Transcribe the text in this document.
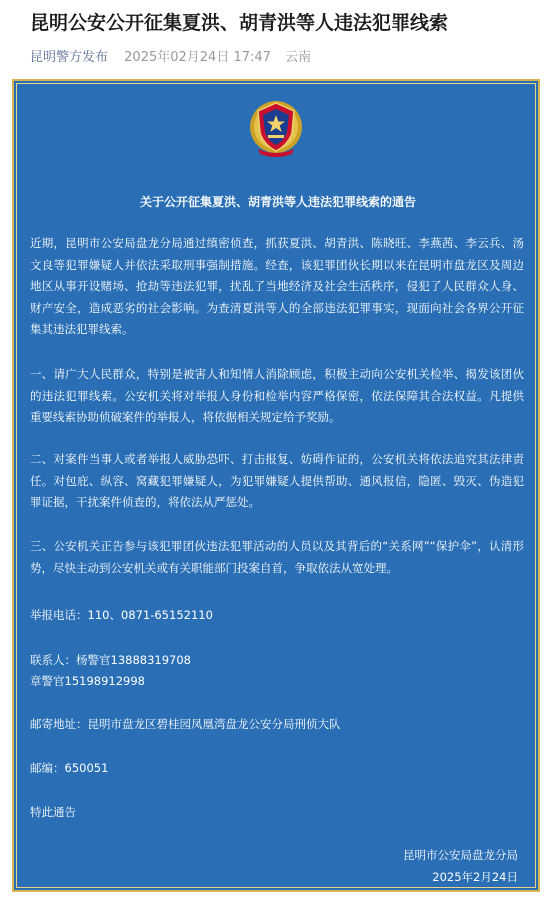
昆明公安公开征集夏洪、胡青洪等人违法犯罪线索
昆明警方发布 2025年02月24日 17:47 云南
关于公开征集夏洪、胡青洪等人违法犯罪线索的通告
近期，昆明市公安局盘龙分局通过缜密侦查，抓获夏洪、胡青洪、陈晓旺、李燕茜、李云兵、汤文良等犯罪嫌疑人并依法采取刑事强制措施。经查，该犯罪团伙长期以来在昆明市盘龙区及周边地区从事开设赌场、抢劫等违法犯罪，扰乱了当地经济及社会生活秩序，侵犯了人民群众人身、财产安全，造成恶劣的社会影响。为查清夏洪等人的全部违法犯罪事实，现面向社会各界公开征集其违法犯罪线索。
一、请广大人民群众，特别是被害人和知情人消除顾虑，积极主动向公安机关检举、揭发该团伙的违法犯罪线索。公安机关将对举报人身份和检举内容严格保密，依法保障其合法权益。凡提供重要线索协助侦破案件的举报人，将依据相关规定给予奖励。
二、对案件当事人或者举报人威胁恐吓、打击报复、妨碍作证的，公安机关将依法追究其法律责任。对包庇、纵容、窝藏犯罪嫌疑人，为犯罪嫌疑人提供帮助、通风报信，隐匿、毁灭、伪造犯罪证据，干扰案件侦查的，将依法从严惩处。
三、公安机关正告参与该犯罪团伙违法犯罪活动的人员以及其背后的“关系网”“保护伞”，认清形势，尽快主动到公安机关或有关职能部门投案自首，争取依法从宽处理。
举报电话：110、0871-65152110
联系人：杨警官13888319708
章警官15198912998
邮寄地址：昆明市盘龙区碧桂园凤凰湾盘龙公安分局刑侦大队
邮编：650051
特此通告
昆明市公安局盘龙分局
2025年2月24日
